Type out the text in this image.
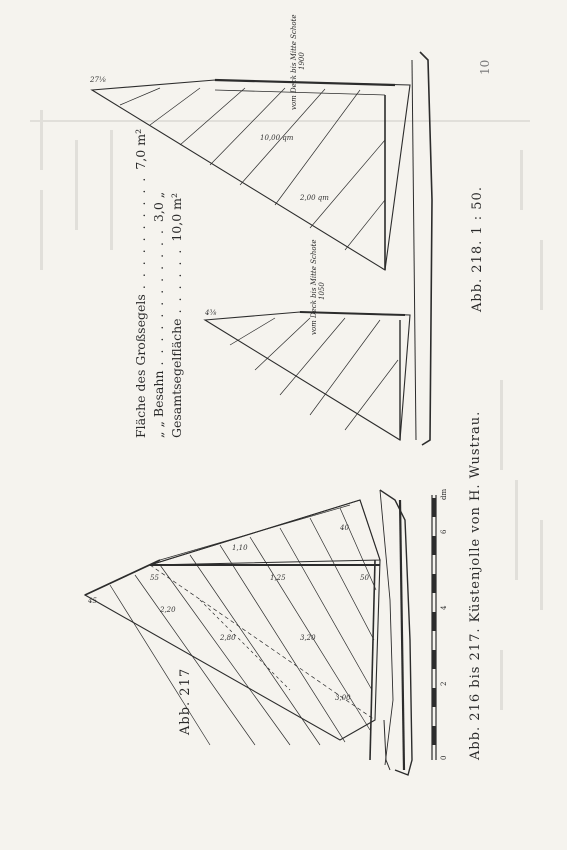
45
55
2,20
2,80	3,20
40
1,10
1,25
3,00
50
27⅛
2,00 qm
10,00 qm
4⅜
Fläche des Großsegels . . . . . . . . . . 7,0 m²
„ „ Besahn . . . . . . . . . . . . 3,0 „
Gesamtsegelfläche . . . . . . 10,0 m²
Abb. 216 bis 217. Küstenjolle von H. Wustrau.
Abb. 218. 1 : 50.
Abb. 217
10
vom Deck bis Mitte Schote
vom Deck bis Mitte Schote
1900
1050
0
2
4
6
dm
